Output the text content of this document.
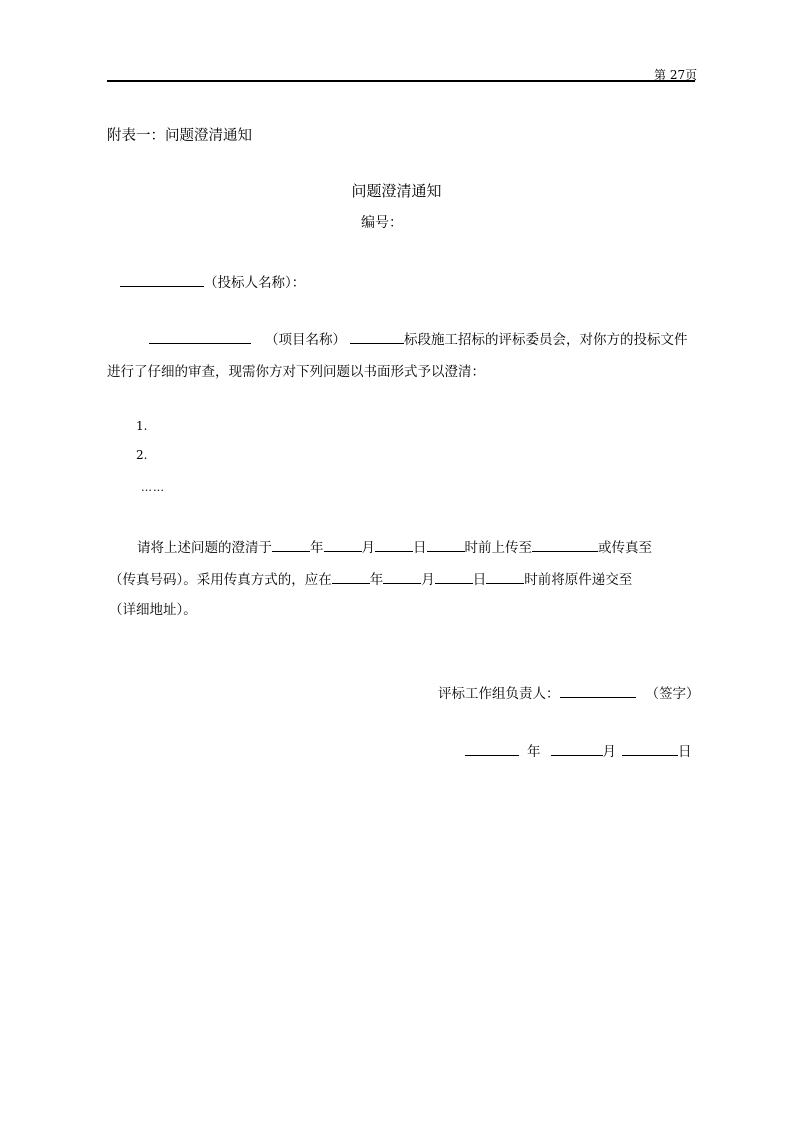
第 27页
附表一：问题澄清通知
问题澄清通知
编号：
（投标人名称）：
（项目名称）	标段施工招标的评标委员会，对你方的投标文件
进行了仔细的审查，现需你方对下列问题以书面形式予以澄清：
1.
2.
……
请将上述问题的澄清于	年	月	日	时前上传至	或传真至
（传真号码）。采用传真方式的，应在	年	月	日	时前将原件递交至
（详细地址）。
评标工作组负责人：	（签字）
年	月	日
